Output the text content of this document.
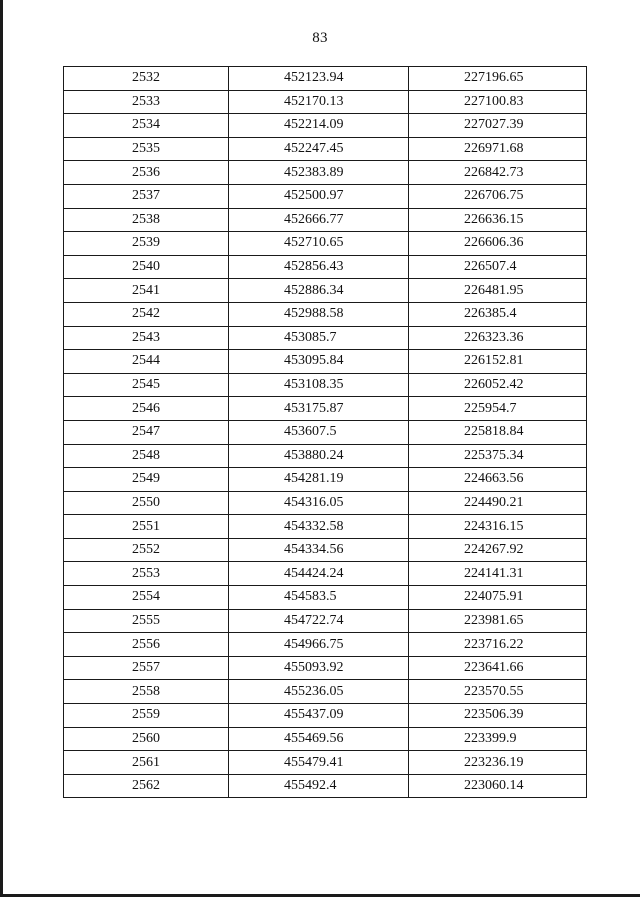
83
2532	452123.94	227196.65
2533	452170.13	227100.83
2534	452214.09	227027.39
2535	452247.45	226971.68
2536	452383.89	226842.73
2537	452500.97	226706.75
2538	452666.77	226636.15
2539	452710.65	226606.36
2540	452856.43	226507.4
2541	452886.34	226481.95
2542	452988.58	226385.4
2543	453085.7	226323.36
2544	453095.84	226152.81
2545	453108.35	226052.42
2546	453175.87	225954.7
2547	453607.5	225818.84
2548	453880.24	225375.34
2549	454281.19	224663.56
2550	454316.05	224490.21
2551	454332.58	224316.15
2552	454334.56	224267.92
2553	454424.24	224141.31
2554	454583.5	224075.91
2555	454722.74	223981.65
2556	454966.75	223716.22
2557	455093.92	223641.66
2558	455236.05	223570.55
2559	455437.09	223506.39
2560	455469.56	223399.9
2561	455479.41	223236.19
2562	455492.4	223060.14
